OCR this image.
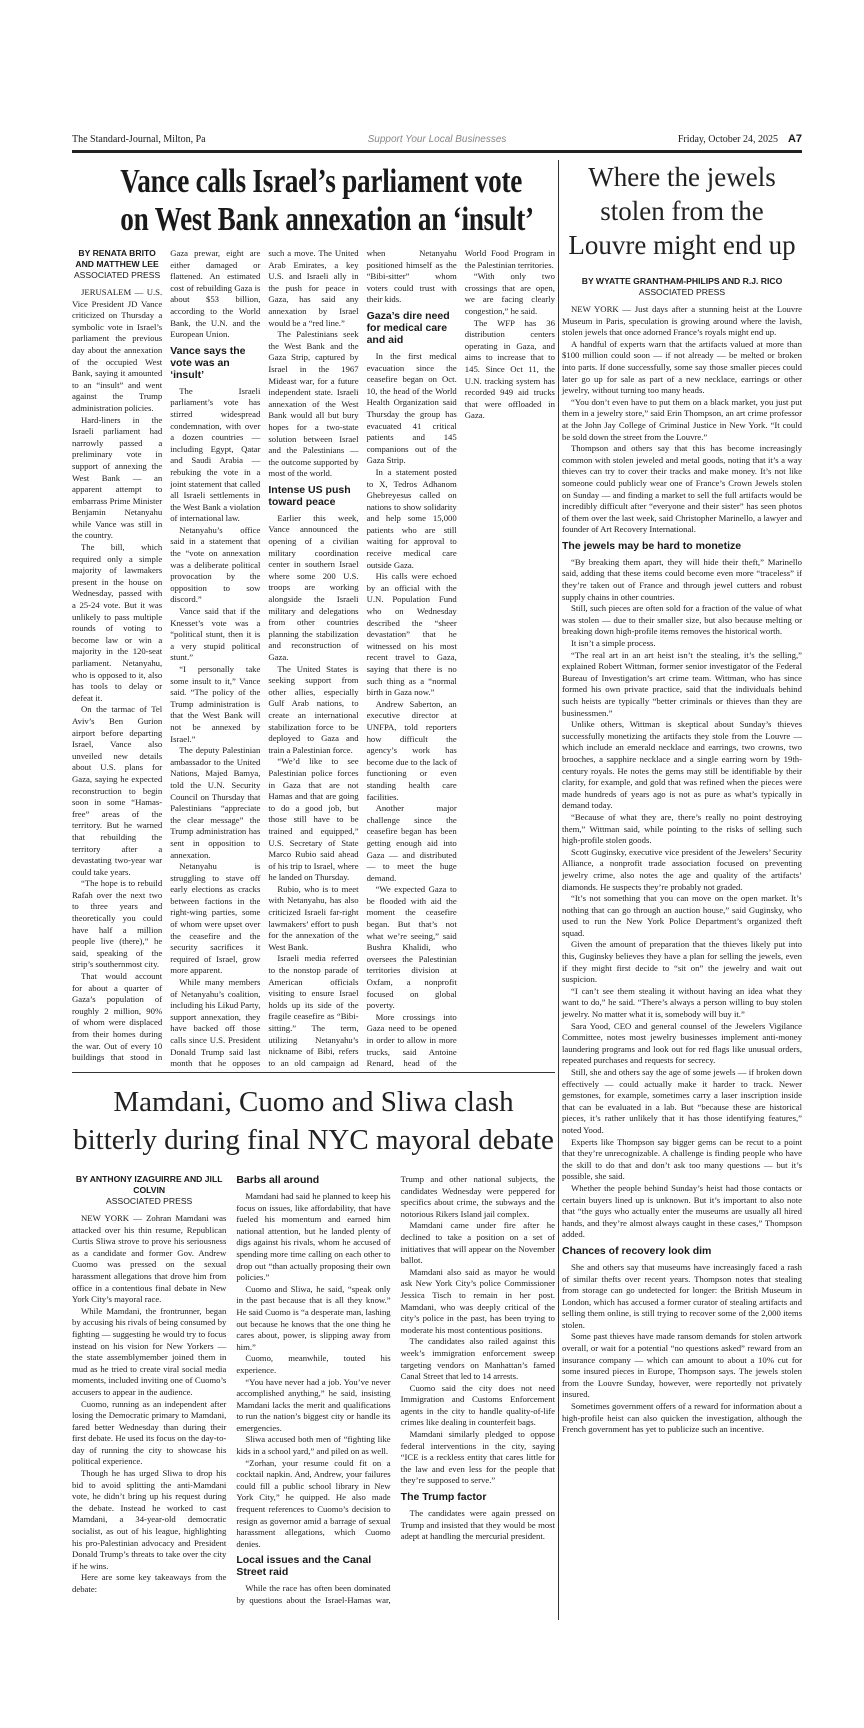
The Standard-Journal, Milton, Pa	Support Your Local Businesses	Friday, October 24, 2025 A7
Vance calls Israel’s parliament vote
on West Bank annexation an ‘insult’
BY RENATA BRITO AND MATTHEW LEE
ASSOCIATED PRESS

JERUSALEM — U.S. Vice President JD Vance criticized on Thursday a symbolic vote in Israel’s parliament the previous day about the annexation of the occupied West Bank, saying it amounted to an “insult” and went against the Trump administration policies.

Hard-liners in the Israeli parliament had narrowly passed a preliminary vote in support of annexing the West Bank — an apparent attempt to embarrass Prime Minister Benjamin Netanyahu while Vance was still in the country.

The bill, which required only a simple majority of lawmakers present in the house on Wednesday, passed with a 25-24 vote. But it was unlikely to pass multiple rounds of voting to become law or win a majority in the 120-seat parliament. Netanyahu, who is opposed to it, also has tools to delay or defeat it.

On the tarmac of Tel Aviv’s Ben Gurion airport before departing Israel, Vance also unveiled new details about U.S. plans for Gaza, saying he expected reconstruction to begin soon in some “Hamas-free” areas of the territory. But he warned that rebuilding the territory after a devastating two-year war could take years.

“The hope is to rebuild Rafah over the next two to three years and theoretically you could have half a million people live (there),” he said, speaking of the strip’s southernmost city.

That would account for about a quarter of Gaza’s population of roughly 2 million, 90% of whom were displaced from their homes during the war. Out of every 10 buildings that stood in Gaza prewar, eight are either damaged or flattened. An estimated cost of rebuilding Gaza is about $53 billion, according to the World Bank, the U.N. and the European Union.

Vance says the vote was an ‘insult’

The Israeli parliament’s vote has stirred widespread condemnation, with over a dozen countries — including Egypt, Qatar and Saudi Arabia — rebuking the vote in a joint statement that called all Israeli settlements in the West Bank a violation of international law.

Netanyahu’s office said in a statement that the “vote on annexation was a deliberate political provocation by the opposition to sow discord.”

Vance said that if the Knesset’s vote was a “political stunt, then it is a very stupid political stunt.”

“I personally take some insult to it,” Vance said. “The policy of the Trump administration is that the West Bank will not be annexed by Israel.”

The deputy Palestinian ambassador to the United Nations, Majed Bamya, told the U.N. Security Council on Thursday that Palestinians “appreciate the clear message” the Trump administration has sent in opposition to annexation.

Netanyahu is struggling to stave off early elections as cracks between factions in the right-wing parties, some of whom were upset over the ceasefire and the security sacrifices it required of Israel, grow more apparent.

While many members of Netanyahu’s coalition, including his Likud Party, support annexation, they have backed off those calls since U.S. President Donald Trump said last month that he opposes such a move. The United Arab Emirates, a key U.S. and Israeli ally in the push for peace in Gaza, has said any annexation by Israel would be a “red line.”

The Palestinians seek the West Bank and the Gaza Strip, captured by Israel in the 1967 Mideast war, for a future independent state. Israeli annexation of the West Bank would all but bury hopes for a two-state solution between Israel and the Palestinians — the outcome supported by most of the world.

Intense US push toward peace

Earlier this week, Vance announced the opening of a civilian military coordination center in southern Israel where some 200 U.S. troops are working alongside the Israeli military and delegations from other countries planning the stabilization and reconstruction of Gaza.

The United States is seeking support from other allies, especially Gulf Arab nations, to create an international stabilization force to be deployed to Gaza and train a Palestinian force.

“We’d like to see Palestinian police forces in Gaza that are not Hamas and that are going to do a good job, but those still have to be trained and equipped,” U.S. Secretary of State Marco Rubio said ahead of his trip to Israel, where he landed on Thursday.

Rubio, who is to meet with Netanyahu, has also criticized Israeli far-right lawmakers’ effort to push for the annexation of the West Bank.

Israeli media referred to the nonstop parade of American officials visiting to ensure Israel holds up its side of the fragile ceasefire as “Bibi-sitting.” The term, utilizing Netanyahu’s nickname of Bibi, refers to an old campaign ad when Netanyahu positioned himself as the “Bibi-sitter” whom voters could trust with their kids.

Gaza’s dire need for medical care and aid

In the first medical evacuation since the ceasefire began on Oct. 10, the head of the World Health Organization said Thursday the group has evacuated 41 critical patients and 145 companions out of the Gaza Strip.

In a statement posted to X, Tedros Adhanom Ghebreyesus called on nations to show solidarity and help some 15,000 patients who are still waiting for approval to receive medical care outside Gaza.

His calls were echoed by an official with the U.N. Population Fund who on Wednesday described the “sheer devastation” that he witnessed on his most recent travel to Gaza, saying that there is no such thing as a “normal birth in Gaza now.”

Andrew Saberton, an executive director at UNFPA, told reporters how difficult the agency’s work has become due to the lack of functioning or even standing health care facilities.

Another major challenge since the ceasefire began has been getting enough aid into Gaza — and distributed — to meet the huge demand.

“We expected Gaza to be flooded with aid the moment the ceasefire began. But that’s not what we’re seeing,” said Bushra Khalidi, who oversees the Palestinian territories division at Oxfam, a nonprofit focused on global poverty.

More crossings into Gaza need to be opened in order to allow in more trucks, said Antoine Renard, head of the World Food Program in the Palestinian territories.

“With only two crossings that are open, we are facing clearly congestion,” he said.

The WFP has 36 distribution centers operating in Gaza, and aims to increase that to 145. Since Oct 11, the U.N. tracking system has recorded 949 aid trucks that were offloaded in Gaza.

Where the jewels stolen from the Louvre might end up
BY WYATTE GRANTHAM-PHILIPS AND R.J. RICO
ASSOCIATED PRESS

NEW YORK — Just days after a stunning heist at the Louvre Museum in Paris, speculation is growing around where the lavish, stolen jewels that once adorned France’s royals might end up.

A handful of experts warn that the artifacts valued at more than $100 million could soon — if not already — be melted or broken into parts. If done successfully, some say those smaller pieces could later go up for sale as part of a new necklace, earrings or other jewelry, without turning too many heads.

“You don’t even have to put them on a black market, you just put them in a jewelry store,” said Erin Thompson, an art crime professor at the John Jay College of Criminal Justice in New York. “It could be sold down the street from the Louvre.”

Thompson and others say that this has become increasingly common with stolen jeweled and metal goods, noting that it’s a way thieves can try to cover their tracks and make money. It’s not like someone could publicly wear one of France’s Crown Jewels stolen on Sunday — and finding a market to sell the full artifacts would be incredibly difficult after “everyone and their sister” has seen photos of them over the last week, said Christopher Marinello, a lawyer and founder of Art Recovery International.

The jewels may be hard to monetize

“By breaking them apart, they will hide their theft,” Marinello said, adding that these items could become even more “traceless” if they’re taken out of France and through jewel cutters and robust supply chains in other countries.

Still, such pieces are often sold for a fraction of the value of what was stolen — due to their smaller size, but also because melting or breaking down high-profile items removes the historical worth.

It isn’t a simple process.

“The real art in an art heist isn’t the stealing, it’s the selling,” explained Robert Wittman, former senior investigator of the Federal Bureau of Investigation’s art crime team. Wittman, who has since formed his own private practice, said that the individuals behind such heists are typically “better criminals or thieves than they are businessmen.”

Unlike others, Wittman is skeptical about Sunday’s thieves successfully monetizing the artifacts they stole from the Louvre — which include an emerald necklace and earrings, two crowns, two brooches, a sapphire necklace and a single earring worn by 19th-century royals. He notes the gems may still be identifiable by their clarity, for example, and gold that was refined when the pieces were made hundreds of years ago is not as pure as what’s typically in demand today.

“Because of what they are, there’s really no point destroying them,” Wittman said, while pointing to the risks of selling such high-profile stolen goods.

Scott Guginsky, executive vice president of the Jewelers’ Security Alliance, a nonprofit trade association focused on preventing jewelry crime, also notes the age and quality of the artifacts’ diamonds. He suspects they’re probably not graded.

“It’s not something that you can move on the open market. It’s nothing that can go through an auction house,” said Guginsky, who used to run the New York Police Department’s organized theft squad.

Given the amount of preparation that the thieves likely put into this, Guginsky believes they have a plan for selling the jewels, even if they might first decide to “sit on” the jewelry and wait out suspicion.

“I can’t see them stealing it without having an idea what they want to do,” he said. “There’s always a person willing to buy stolen jewelry. No matter what it is, somebody will buy it.”

Sara Yood, CEO and general counsel of the Jewelers Vigilance Committee, notes most jewelry businesses implement anti-money laundering programs and look out for red flags like unusual orders, repeated purchases and requests for secrecy.

Still, she and others say the age of some jewels — if broken down effectively — could actually make it harder to track. Newer gemstones, for example, sometimes carry a laser inscription inside that can be evaluated in a lab. But “because these are historical pieces, it’s rather unlikely that it has those identifying features,” noted Yood.

Experts like Thompson say bigger gems can be recut to a point that they’re unrecognizable. A challenge is finding people who have the skill to do that and don’t ask too many questions — but it’s possible, she said.

Whether the people behind Sunday’s heist had those contacts or certain buyers lined up is unknown. But it’s important to also note that “the guys who actually enter the museums are usually all hired hands, and they’re almost always caught in these cases,” Thompson added.

Chances of recovery look dim

She and others say that museums have increasingly faced a rash of similar thefts over recent years. Thompson notes that stealing from storage can go undetected for longer: the British Museum in London, which has accused a former curator of stealing artifacts and selling them online, is still trying to recover some of the 2,000 items stolen.

Some past thieves have made ransom demands for stolen artwork overall, or wait for a potential “no questions asked” reward from an insurance company — which can amount to about a 10% cut for some insured pieces in Europe, Thompson says. The jewels stolen from the Louvre Sunday, however, were reportedly not privately insured.

Sometimes government offers of a reward for information about a high-profile heist can also quicken the investigation, although the French government has yet to publicize such an incentive.

Mamdani, Cuomo and Sliwa clash
bitterly during final NYC mayoral debate
BY ANTHONY IZAGUIRRE AND JILL COLVIN
ASSOCIATED PRESS

NEW YORK — Zohran Mamdani was attacked over his thin resume, Republican Curtis Sliwa strove to prove his seriousness as a candidate and former Gov. Andrew Cuomo was pressed on the sexual harassment allegations that drove him from office in a contentious final debate in New York City’s mayoral race.

While Mamdani, the frontrunner, began by accusing his rivals of being consumed by fighting — suggesting he would try to focus instead on his vision for New Yorkers — the state assemblymember joined them in mud as he tried to create viral social media moments, included inviting one of Cuomo’s accusers to appear in the audience.

Cuomo, running as an independent after losing the Democratic primary to Mamdani, fared better Wednesday than during their first debate. He used its focus on the day-to-day of running the city to showcase his political experience.

Though he has urged Sliwa to drop his bid to avoid splitting the anti-Mamdani vote, he didn’t bring up his request during the debate. Instead he worked to cast Mamdani, a 34-year-old democratic socialist, as out of his league, highlighting his pro-Palestinian advocacy and President Donald Trump’s threats to take over the city if he wins.

Here are some key takeaways from the debate:

Barbs all around

Mamdani had said he planned to keep his focus on issues, like affordability, that have fueled his momentum and earned him national attention, but he landed plenty of digs against his rivals, whom he accused of spending more time calling on each other to drop out “than actually proposing their own policies.”

Cuomo and Sliwa, he said, “speak only in the past because that is all they know.” He said Cuomo is “a desperate man, lashing out because he knows that the one thing he cares about, power, is slipping away from him.”

Cuomo, meanwhile, touted his experience.

“You have never had a job. You’ve never accomplished anything,” he said, insisting Mamdani lacks the merit and qualifications to run the nation’s biggest city or handle its emergencies.

Sliwa accused both men of “fighting like kids in a school yard,” and piled on as well.

“Zorhan, your resume could fit on a cocktail napkin. And, Andrew, your failures could fill a public school library in New York City,” he quipped. He also made frequent references to Cuomo’s decision to resign as governor amid a barrage of sexual harassment allegations, which Cuomo denies.

Local issues and the Canal Street raid

While the race has often been dominated by questions about the Israel-Hamas war, Trump and other national subjects, the candidates Wednesday were peppered for specifics about crime, the subways and the notorious Rikers Island jail complex.

Mamdani came under fire after he declined to take a position on a set of initiatives that will appear on the November ballot.

Mamdani also said as mayor he would ask New York City’s police Commissioner Jessica Tisch to remain in her post. Mamdani, who was deeply critical of the city’s police in the past, has been trying to moderate his most contentious positions.

The candidates also railed against this week’s immigration enforcement sweep targeting vendors on Manhattan’s famed Canal Street that led to 14 arrests.

Cuomo said the city does not need Immigration and Customs Enforcement agents in the city to handle quality-of-life crimes like dealing in counterfeit bags.

Mamdani similarly pledged to oppose federal interventions in the city, saying “ICE is a reckless entity that cares little for the law and even less for the people that they’re supposed to serve.”

The Trump factor

The candidates were again pressed on Trump and insisted that they would be most adept at handling the mercurial president.
